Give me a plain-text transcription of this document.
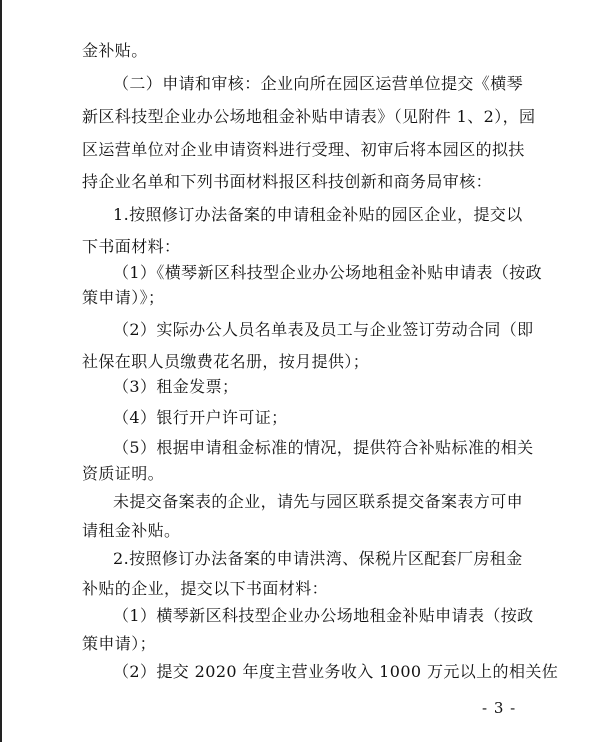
金补贴。
（二）申请和审核：企业向所在园区运营单位提交《横琴
新区科技型企业办公场地租金补贴申请表》（见附件 1、2），园
区运营单位对企业申请资料进行受理、初审后将本园区的拟扶
持企业名单和下列书面材料报区科技创新和商务局审核：
1.按照修订办法备案的申请租金补贴的园区企业，提交以
下书面材料：
（1）《横琴新区科技型企业办公场地租金补贴申请表（按政
策申请）》；
（2）实际办公人员名单表及员工与企业签订劳动合同（即
社保在职人员缴费花名册，按月提供）；
（3）租金发票；
（4）银行开户许可证；
（5）根据申请租金标准的情况，提供符合补贴标准的相关
资质证明。
未提交备案表的企业，请先与园区联系提交备案表方可申
请租金补贴。
2.按照修订办法备案的申请洪湾、保税片区配套厂房租金
补贴的企业，提交以下书面材料：
（1）横琴新区科技型企业办公场地租金补贴申请表（按政
策申请）；
（2）提交 2020 年度主营业务收入 1000 万元以上的相关佐
- 3 -
